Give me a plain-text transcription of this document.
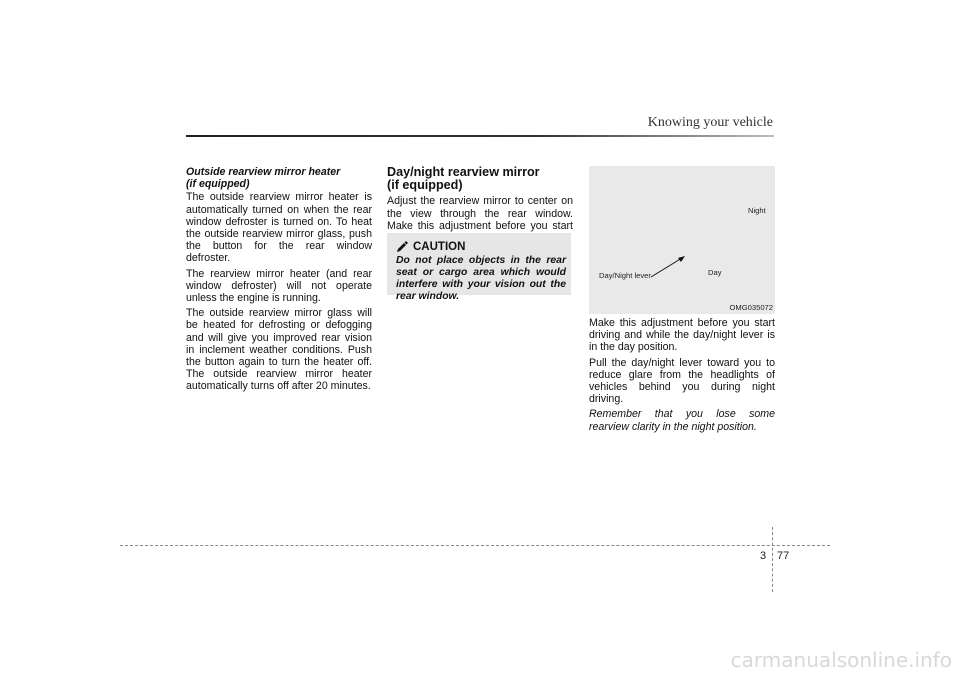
Knowing your vehicle

Outside rearview mirror heater

(if equipped)

The outside rearview mirror heater is automatically turned on when the rear window defroster is turned on. To heat the outside rearview mirror glass, push the button for the rear window defroster.

The rearview mirror heater (and rear window defroster) will not operate unless the engine is running.

The outside rearview mirror glass will be heated for defrosting or defogging and will give you improved rear vision in inclement weather conditions. Push the button again to turn the heater off. The outside rearview mirror heater automatically turns off after 20 minutes.

Day/night rearview mirror
(if equipped)

Adjust the rearview mirror to center on the view through the rear window. Make this adjustment before you start

CAUTION
Do not place objects in the rear seat or cargo area which would interfere with your vision out the rear window.
Night
Day
Day/Night lever
OMG035072

Make this adjustment before you start driving and while the day/night lever is in the day position.

Pull the day/night lever toward you to reduce glare from the headlights of vehicles behind you during night driving.

Remember that you lose some rearview clarity in the night position.

3 77
carmanualsonline.info
